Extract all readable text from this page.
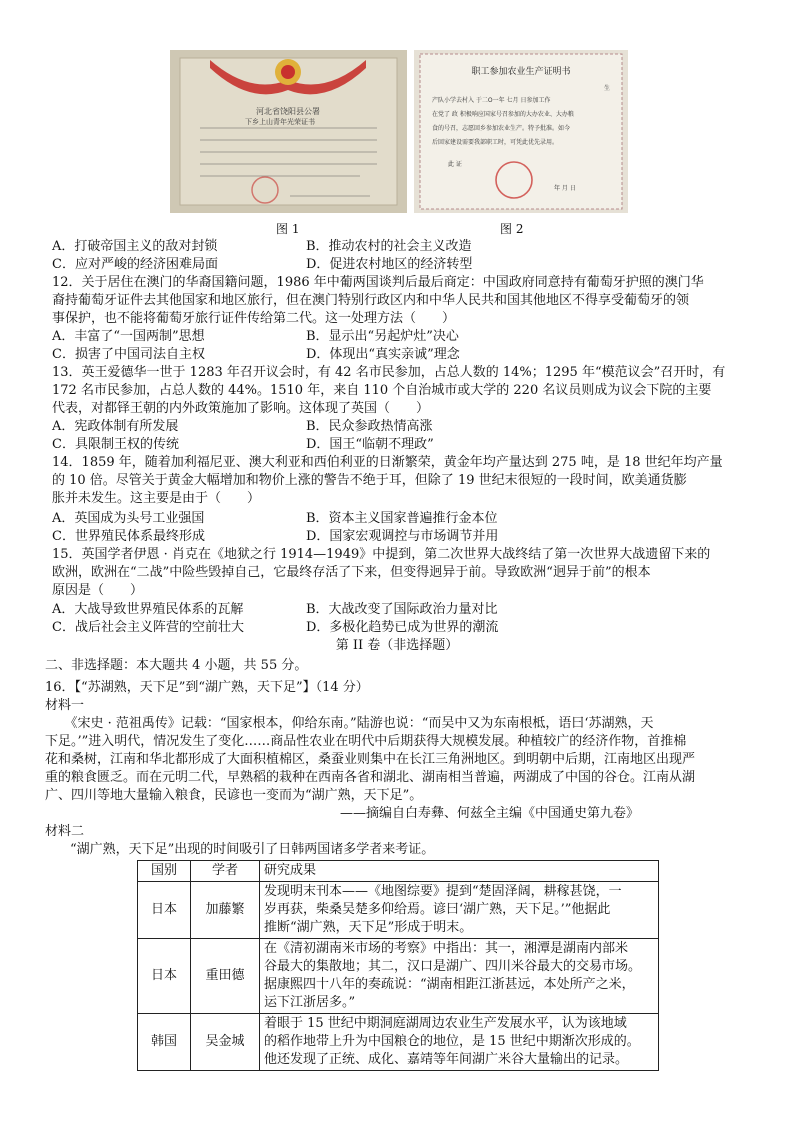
河北省饶阳县公署
下乡上山青年光荣证书
图 1
职工参加农业生产证明书
生
产队小学去村入 于二O一年 七月 日参加工作
在党了 政 积极响应国家号召参加的大办农业、大办粮
食的号召，志愿回乡参加农业生产。特予批准。如今
后回家建设需要我部职工时，可凭此优先录用。
此 证
年 月 日
图 2
A．打破帝国主义的敌对封锁	B．推动农村的社会主义改造
C．应对严峻的经济困难局面	D．促进农村地区的经济转型
12．关于居住在澳门的华裔国籍问题，1986 年中葡两国谈判后最后商定：中国政府同意持有葡萄牙护照的澳门华
裔持葡萄牙证件去其他国家和地区旅行，但在澳门特别行政区内和中华人民共和国其他地区不得享受葡萄牙的领
事保护，也不能将葡萄牙旅行证件传给第二代。这一处理方法（　　）
A．丰富了“一国两制”思想	B．显示出“另起炉灶”决心
C．损害了中国司法自主权	D．体现出“真实亲诚”理念
13．英王爱德华一世于 1283 年召开议会时，有 42 名市民参加，占总人数的 14%；1295 年“模范议会”召开时，有
172 名市民参加，占总人数的 44%。1510 年，来自 110 个自治城市或大学的 220 名议员则成为议会下院的主要
代表，对都铎王朝的内外政策施加了影响。这体现了英国（　　）
A．宪政体制有所发展	B．民众参政热情高涨
C．具限制王权的传统	D．国王“临朝不理政”
14．1859 年，随着加利福尼亚、澳大利亚和西伯利亚的日渐繁荣，黄金年均产量达到 275 吨，是 18 世纪年均产量
的 10 倍。尽管关于黄金大幅增加和物价上涨的警告不绝于耳，但除了 19 世纪末很短的一段时间，欧美通货膨
胀并未发生。这主要是由于（　　）
A．英国成为头号工业强国	B．资本主义国家普遍推行金本位
C．世界殖民体系最终形成	D．国家宏观调控与市场调节并用
15．英国学者伊恩 · 肖克在《地狱之行 1914—1949》中提到，第二次世界大战终结了第一次世界大战遗留下来的
欧洲，欧洲在“二战”中险些毁掉自己，它最终存活了下来，但变得迥异于前。导致欧洲“迥异于前”的根本
原因是（　　）
A．大战导致世界殖民体系的瓦解	B．大战改变了国际政治力量对比
C．战后社会主义阵营的空前壮大	D．多极化趋势已成为世界的潮流
第 II 卷（非选择题）
二、非选择题：本大题共 4 小题，共 55 分。
16．【“苏湖熟，天下足”到“湖广熟，天下足”】（14 分）
材料一
　　《宋史 · 范祖禹传》记载：“国家根本，仰给东南。”陆游也说：“而吴中又为东南根柢，语曰‘苏湖熟，天
下足。’”进入明代，情况发生了变化……商品性农业在明代中后期获得大规模发展。种植较广的经济作物，首推棉
花和桑树，江南和华北都形成了大面积植棉区，桑蚕业则集中在长江三角洲地区。到明朝中后期，江南地区出现严
重的粮食匮乏。而在元明二代，早熟稻的栽种在西南各省和湖北、湖南相当普遍，两湖成了中国的谷仓。江南从湖
广、四川等地大量输入粮食，民谚也一变而为“湖广熟，天下足”。
——摘编自白寿彝、何兹全主编《中国通史第九卷》
材料二
“湖广熟，天下足”出现的时间吸引了日韩两国诸多学者来考证。
国别	学者	研究成果
日本	加藤繁	发现明末刊本——《地图综要》提到“楚固泽阔，耕稼甚饶，一
岁再获，柴桑吴楚多仰给焉。谚曰‘湖广熟，天下足。’”他据此
推断“湖广熟，天下足”形成于明末。

日本	重田德	在《清初湖南米市场的考察》中指出：其一，湘潭是湖南内部米
谷最大的集散地；其二，汉口是湖广、四川米谷最大的交易市场。
据康熙四十八年的奏疏说：“湖南相距江浙甚远，本处所产之米，
运下江浙居多。”

韩国	吴金城	着眼于 15 世纪中期洞庭湖周边农业生产发展水平，认为该地域
的稻作地带上升为中国粮仓的地位，是 15 世纪中期渐次形成的。
他还发现了正统、成化、嘉靖等年间湖广米谷大量输出的记录。
